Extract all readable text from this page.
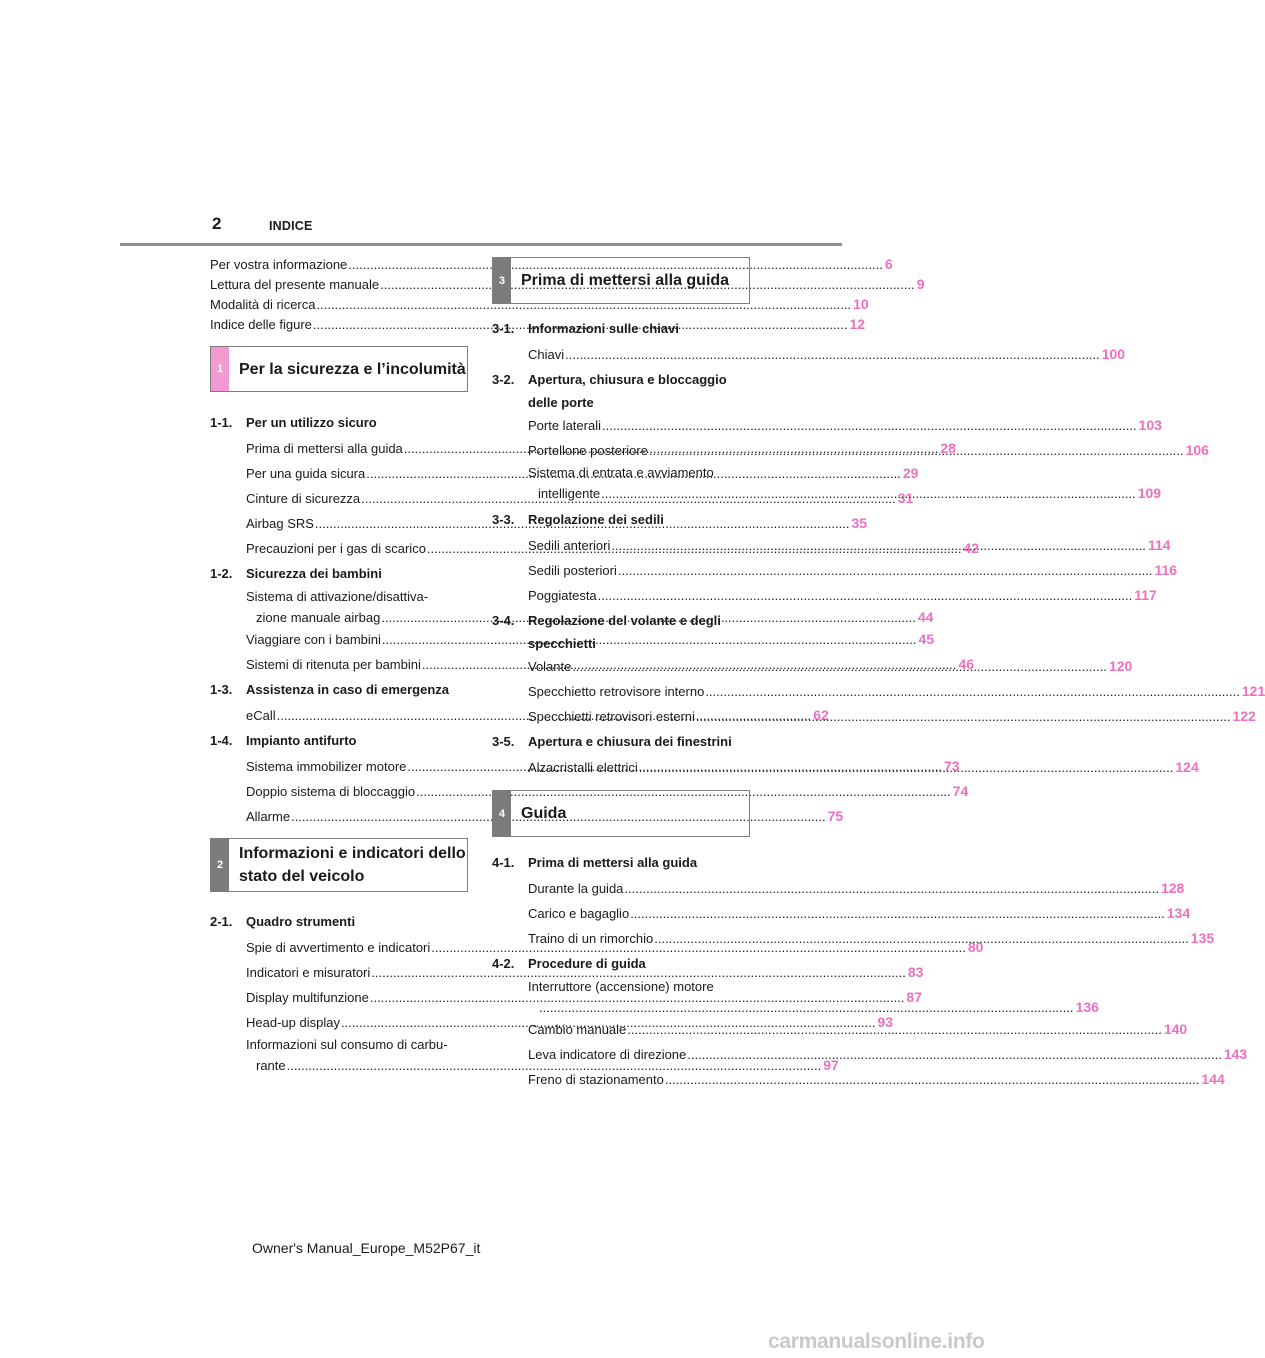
2	INDICE
Per vostra informazione .....	6
Lettura del presente manuale .....	9
Modalità di ricerca .....	10
Indice delle figure .....	12
1 Per la sicurezza e l’incolumità
1-1.	Per un utilizzo sicuro
Prima di mettersi alla guida .....	28
Per una guida sicura .....	29
Cinture di sicurezza .....	31
Airbag SRS .....	35
Precauzioni per i gas di scarico .....	42
1-2.	Sicurezza dei bambini
Sistema di attivazione/disattiva-
zione manuale airbag .....	44
Viaggiare con i bambini .....	45
Sistemi di ritenuta per bambini .....	46
1-3.	Assistenza in caso di emergenza
eCall .....	62
1-4.	Impianto antifurto
Sistema immobilizer motore .....	73
Doppio sistema di bloccaggio .....	74
Allarme .....	75
2
Informazioni e indicatori dello
stato del veicolo
2-1.	Quadro strumenti
Spie di avvertimento e indicatori .....	80
Indicatori e misuratori .....	83
Display multifunzione .....	87
Head-up display .....	93
Informazioni sul consumo di carbu-
rante .....	97
3 Prima di mettersi alla guida
3-1.	Informazioni sulle chiavi
Chiavi .....	100
3-2.	Apertura, chiusura e bloccaggio
delle porte
Porte laterali .....	103
Portellone posteriore .....	106
Sistema di entrata e avviamento
intelligente .....	109
3-3.	Regolazione dei sedili
Sedili anteriori .....	114
Sedili posteriori .....	116
Poggiatesta .....	117
3-4.	Regolazione del volante e degli
specchietti
Volante .....	120
Specchietto retrovisore interno .....	121
Specchietti retrovisori esterni .....	122
3-5.	Apertura e chiusura dei finestrini
Alzacristalli elettrici .....	124
4 Guida
4-1.	Prima di mettersi alla guida
Durante la guida .....	128
Carico e bagaglio .....	134
Traino di un rimorchio .....	135
4-2.	Procedure di guida
Interruttore (accensione) motore
.....
136
Cambio manuale .....	140
Leva indicatore di direzione .....	143
Freno di stazionamento .....	144
Owner's Manual_Europe_M52P67_it
carmanualsonline.info
